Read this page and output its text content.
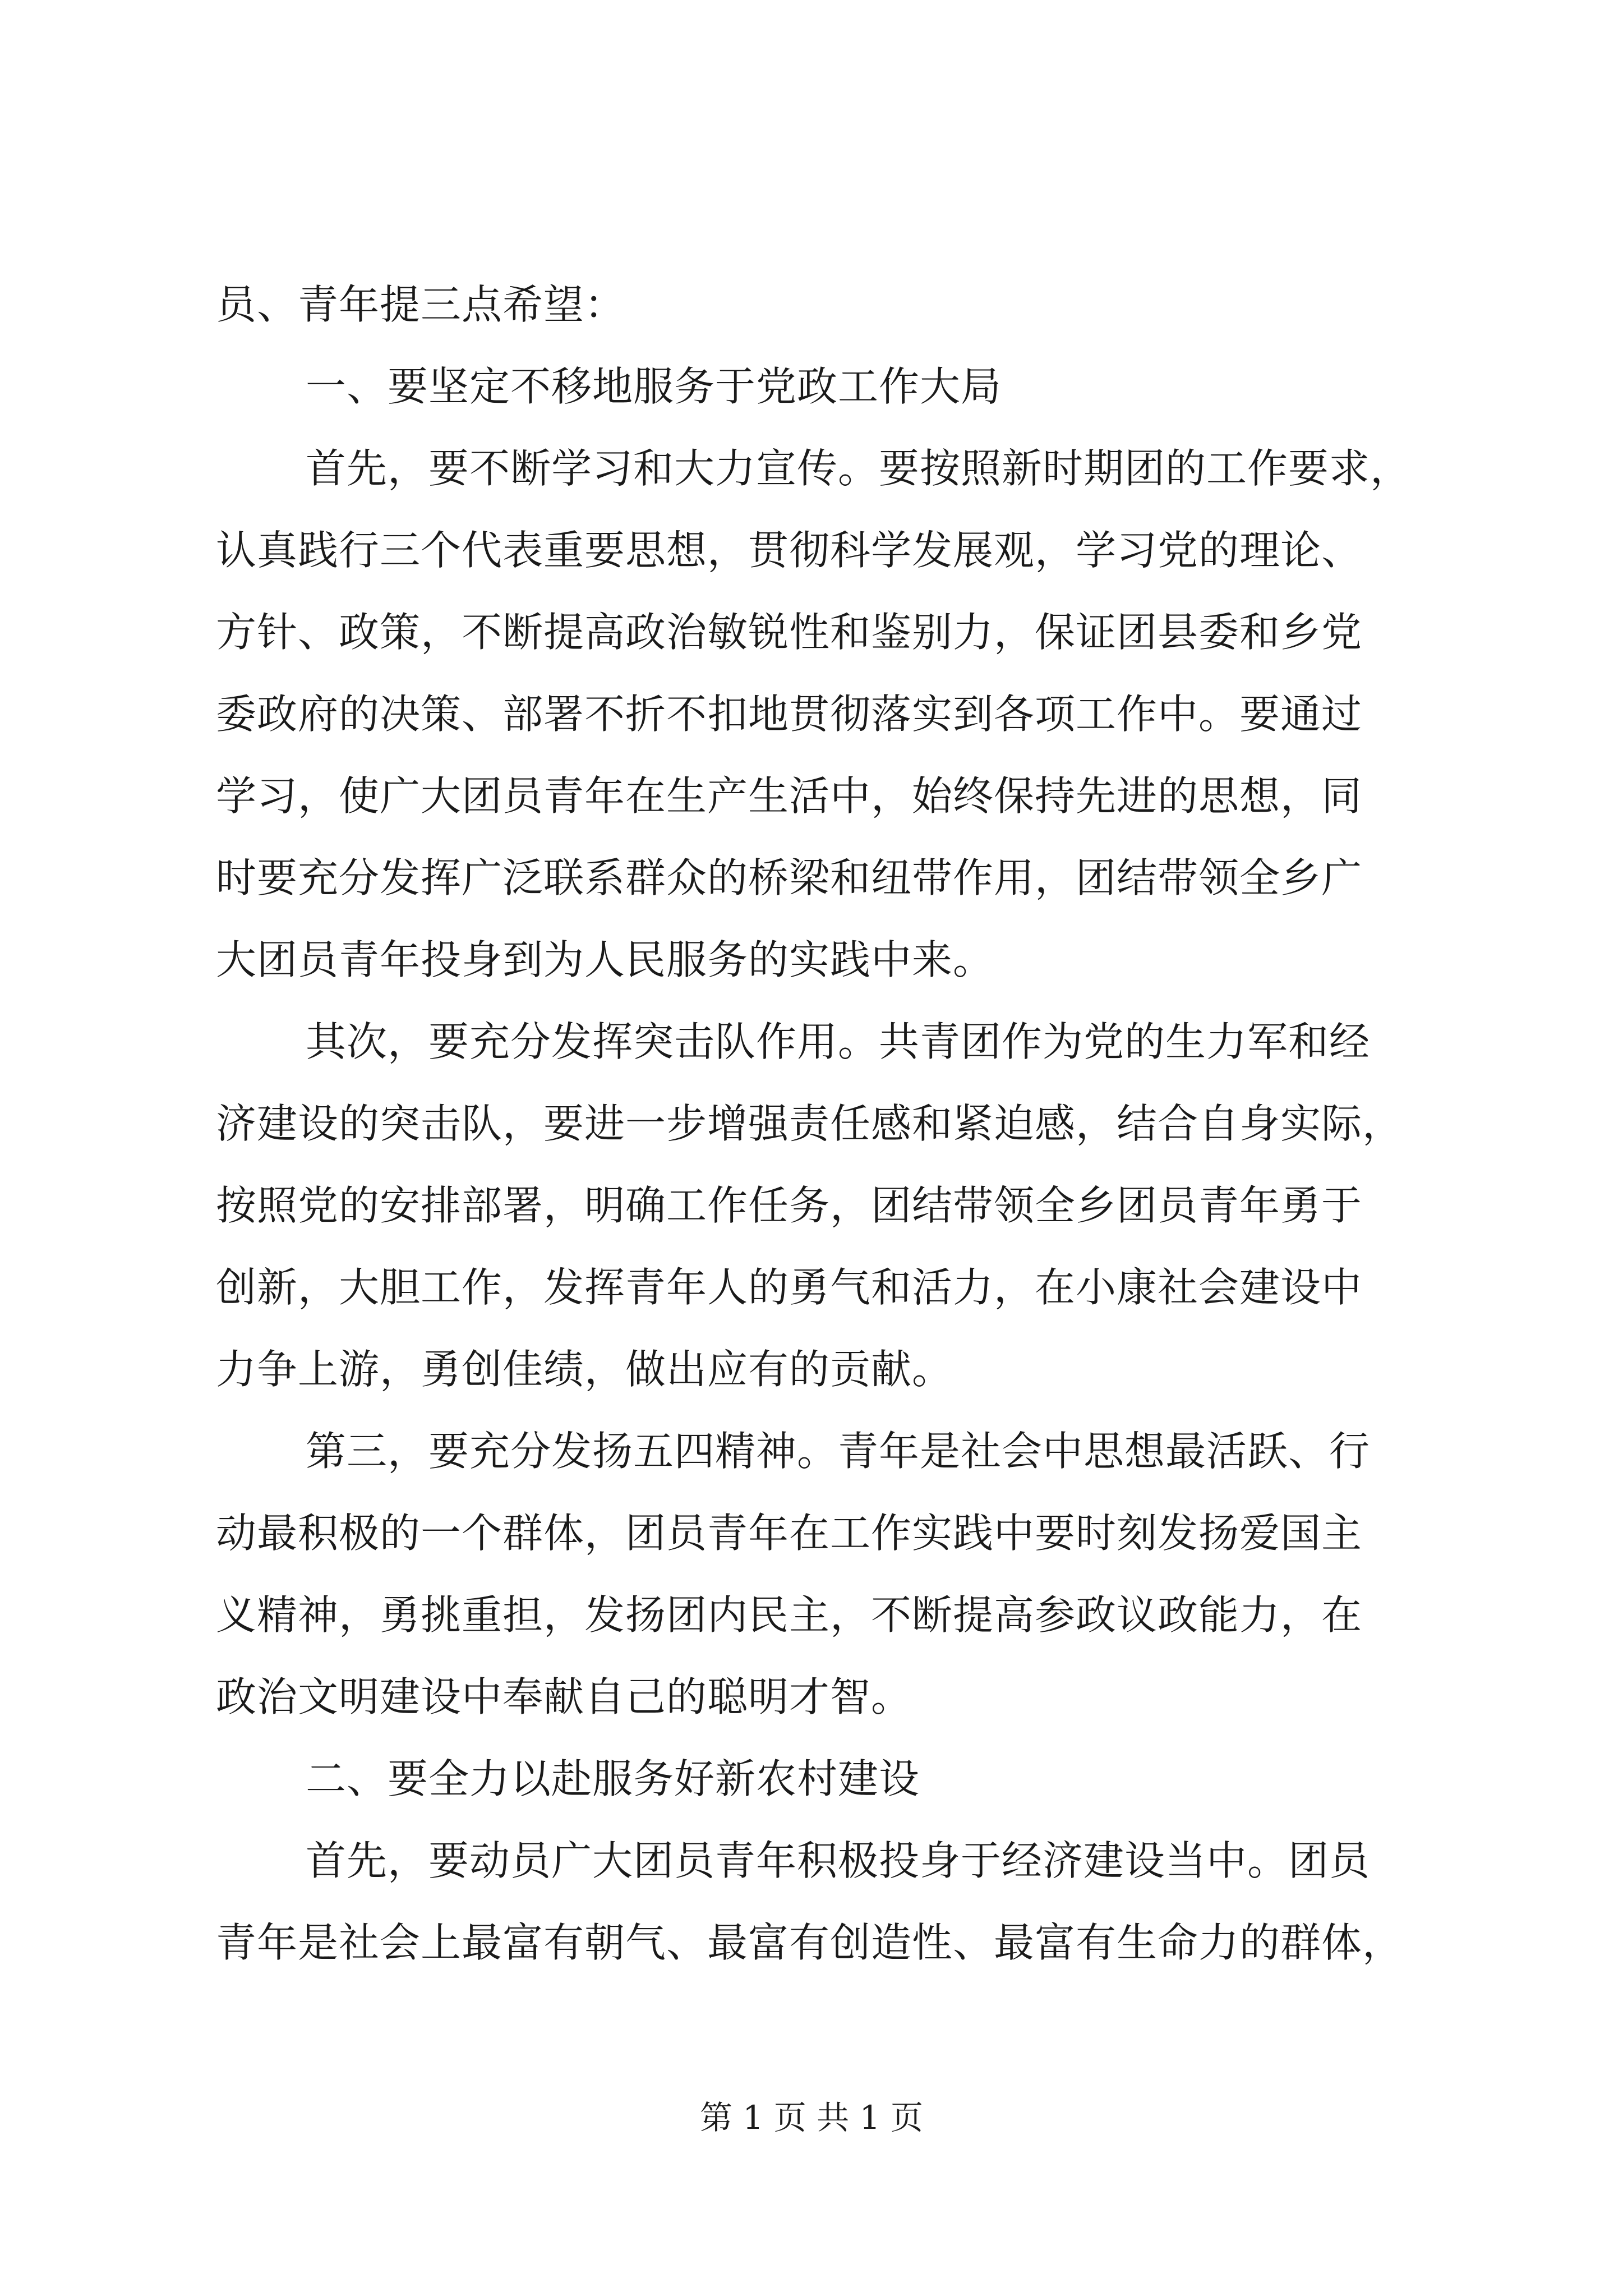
员、青年提三点希望：
一、要坚定不移地服务于党政工作大局
首先，要不断学习和大力宣传。要按照新时期团的工作要求，
认真践行三个代表重要思想，贯彻科学发展观，学习党的理论、
方针、政策，不断提高政治敏锐性和鉴别力，保证团县委和乡党
委政府的决策、部署不折不扣地贯彻落实到各项工作中。要通过
学习，使广大团员青年在生产生活中，始终保持先进的思想，同
时要充分发挥广泛联系群众的桥梁和纽带作用，团结带领全乡广
大团员青年投身到为人民服务的实践中来。
其次，要充分发挥突击队作用。共青团作为党的生力军和经
济建设的突击队，要进一步增强责任感和紧迫感，结合自身实际，
按照党的安排部署，明确工作任务，团结带领全乡团员青年勇于
创新，大胆工作，发挥青年人的勇气和活力，在小康社会建设中
力争上游，勇创佳绩，做出应有的贡献。
第三，要充分发扬五四精神。青年是社会中思想最活跃、行
动最积极的一个群体，团员青年在工作实践中要时刻发扬爱国主
义精神，勇挑重担，发扬团内民主，不断提高参政议政能力，在
政治文明建设中奉献自己的聪明才智。
二、要全力以赴服务好新农村建设
首先，要动员广大团员青年积极投身于经济建设当中。团员
青年是社会上最富有朝气、最富有创造性、最富有生命力的群体，
第 1 页 共 1 页
